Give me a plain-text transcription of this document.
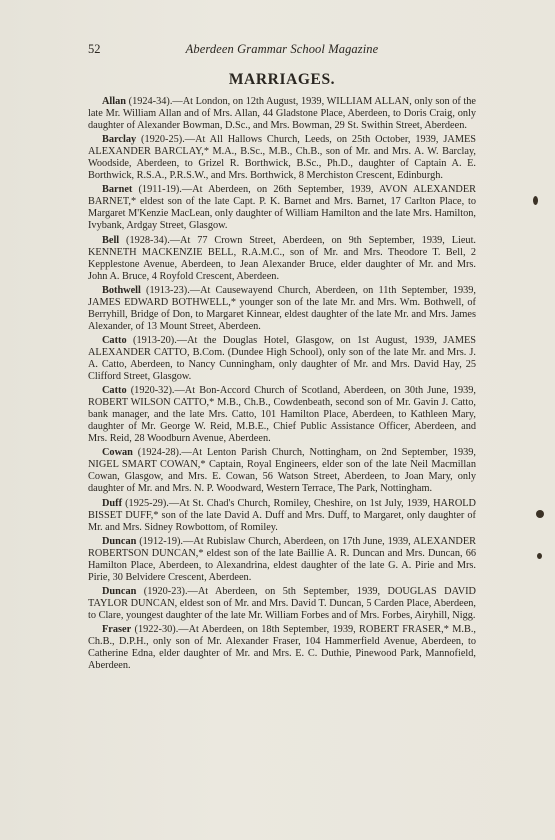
52	Aberdeen Grammar School Magazine
MARRIAGES.

Allan (1924-34).—At London, on 12th August, 1939, WILLIAM ALLAN, only son of the late Mr. William Allan and of Mrs. Allan, 44 Gladstone Place, Aberdeen, to Doris Craig, only daughter of Alexander Bowman, D.Sc., and Mrs. Bowman, 29 St. Swithin Street, Aberdeen.

Barclay (1920-25).—At All Hallows Church, Leeds, on 25th October, 1939, JAMES ALEXANDER BARCLAY,* M.A., B.Sc., M.B., Ch.B., son of Mr. and Mrs. A. W. Barclay, Woodside, Aberdeen, to Grizel R. Borthwick, B.Sc., Ph.D., daughter of Captain A. E. Borthwick, R.S.A., P.R.S.W., and Mrs. Borthwick, 8 Merchiston Crescent, Edinburgh.

Barnet (1911-19).—At Aberdeen, on 26th September, 1939, AVON ALEXANDER BARNET,* eldest son of the late Capt. P. K. Barnet and Mrs. Barnet, 17 Carlton Place, to Margaret M'Kenzie MacLean, only daughter of William Hamilton and the late Mrs. Hamilton, Ivybank, Ardgay Street, Glasgow.

Bell (1928-34).—At 77 Crown Street, Aberdeen, on 9th September, 1939, Lieut. KENNETH MACKENZIE BELL, R.A.M.C., son of Mr. and Mrs. Theodore T. Bell, 2 Kepplestone Avenue, Aberdeen, to Jean Alexander Bruce, elder daughter of Mr. and Mrs. John A. Bruce, 4 Royfold Crescent, Aberdeen.

Bothwell (1913-23).—At Causewayend Church, Aberdeen, on 11th September, 1939, JAMES EDWARD BOTHWELL,* younger son of the late Mr. and Mrs. Wm. Bothwell, of Berryhill, Bridge of Don, to Margaret Kinnear, eldest daughter of the late Mr. and Mrs. James Alexander, of 13 Mount Street, Aberdeen.

Catto (1913-20).—At the Douglas Hotel, Glasgow, on 1st August, 1939, JAMES ALEXANDER CATTO, B.Com. (Dundee High School), only son of the late Mr. and Mrs. J. A. Catto, Aberdeen, to Nancy Cunningham, only daughter of Mr. and Mrs. David Hay, 25 Clifford Street, Glasgow.

Catto (1920-32).—At Bon-Accord Church of Scotland, Aberdeen, on 30th June, 1939, ROBERT WILSON CATTO,* M.B., Ch.B., Cowdenbeath, second son of Mr. Gavin J. Catto, bank manager, and the late Mrs. Catto, 101 Hamilton Place, Aberdeen, to Kathleen Mary, daughter of Mr. George W. Reid, M.B.E., Chief Public Assistance Officer, Aberdeen, and Mrs. Reid, 28 Woodburn Avenue, Aberdeen.

Cowan (1924-28).—At Lenton Parish Church, Nottingham, on 2nd September, 1939, NIGEL SMART COWAN,* Captain, Royal Engineers, elder son of the late Neil Macmillan Cowan, Glasgow, and Mrs. E. Cowan, 56 Watson Street, Aberdeen, to Joan Mary, only daughter of Mr. and Mrs. N. P. Woodward, Western Terrace, The Park, Nottingham.

Duff (1925-29).—At St. Chad's Church, Romiley, Cheshire, on 1st July, 1939, HAROLD BISSET DUFF,* son of the late David A. Duff and Mrs. Duff, to Margaret, only daughter of Mr. and Mrs. Sidney Rowbottom, of Romiley.

Duncan (1912-19).—At Rubislaw Church, Aberdeen, on 17th June, 1939, ALEXANDER ROBERTSON DUNCAN,* eldest son of the late Baillie A. R. Duncan and Mrs. Duncan, 66 Hamilton Place, Aberdeen, to Alexandrina, eldest daughter of the late G. A. Pirie and Mrs. Pirie, 30 Belvidere Crescent, Aberdeen.

Duncan (1920-23).—At Aberdeen, on 5th September, 1939, DOUGLAS DAVID TAYLOR DUNCAN, eldest son of Mr. and Mrs. David T. Duncan, 5 Carden Place, Aberdeen, to Clare, youngest daughter of the late Mr. William Forbes and of Mrs. Forbes, Airyhill, Nigg.

Fraser (1922-30).—At Aberdeen, on 18th September, 1939, ROBERT FRASER,* M.B., Ch.B., D.P.H., only son of Mr. Alexander Fraser, 104 Hammerfield Avenue, Aberdeen, to Catherine Edna, elder daughter of Mr. and Mrs. E. C. Duthie, Pinewood Park, Mannofield, Aberdeen.
